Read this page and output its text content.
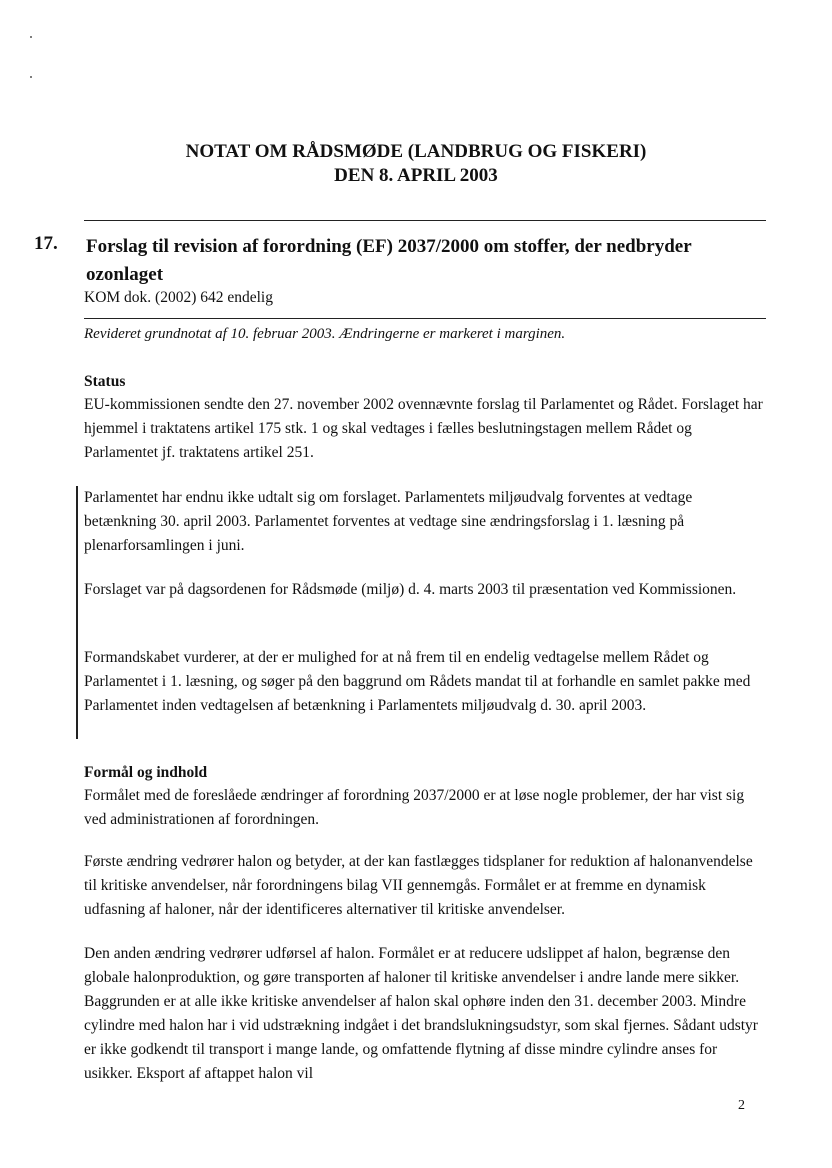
NOTAT OM RÅDSMØDE (LANDBRUG OG FISKERI)
DEN 8. APRIL 2003
17. Forslag til revision af forordning (EF) 2037/2000 om stoffer, der nedbryder ozonlaget
KOM dok. (2002) 642 endelig
Revideret grundnotat af 10. februar 2003. Ændringerne er markeret i marginen.
Status
EU-kommissionen sendte den 27. november 2002 ovennævnte forslag til Parlamentet og Rådet. Forslaget har hjemmel i traktatens artikel 175 stk. 1 og skal vedtages i fælles beslutningstagen mellem Rådet og Parlamentet jf. traktatens artikel 251.
Parlamentet har endnu ikke udtalt sig om forslaget. Parlamentets miljøudvalg forventes at vedtage betænkning 30. april 2003. Parlamentet forventes at vedtage sine ændringsforslag i 1. læsning på plenarforsamlingen i juni.
Forslaget var på dagsordenen for Rådsmøde (miljø) d. 4. marts 2003 til præsentation ved Kommissionen.
Formandskabet vurderer, at der er mulighed for at nå frem til en endelig vedtagelse mellem Rådet og Parlamentet i 1. læsning, og søger på den baggrund om Rådets mandat til at forhandle en samlet pakke med Parlamentet inden vedtagelsen af betænkning i Parlamentets miljøudvalg d. 30. april 2003.
Formål og indhold
Formålet med de foreslåede ændringer af forordning 2037/2000 er at løse nogle problemer, der har vist sig ved administrationen af forordningen.
Første ændring vedrører halon og betyder, at der kan fastlægges tidsplaner for reduktion af halonanvendelse til kritiske anvendelser, når forordningens bilag VII gennemgås. Formålet er at fremme en dynamisk udfasning af haloner, når der identificeres alternativer til kritiske anvendelser.
Den anden ændring vedrører udførsel af halon. Formålet er at reducere udslippet af halon, begrænse den globale halonproduktion, og gøre transporten af haloner til kritiske anvendelser i andre lande mere sikker. Baggrunden er at alle ikke kritiske anvendelser af halon skal ophøre inden den 31. december 2003. Mindre cylindre med halon har i vid udstrækning indgået i det brandslukningsudstyr, som skal fjernes. Sådant udstyr er ikke godkendt til transport i mange lande, og omfattende flytning af disse mindre cylindre anses for usikker. Eksport af aftappet halon vil
2
